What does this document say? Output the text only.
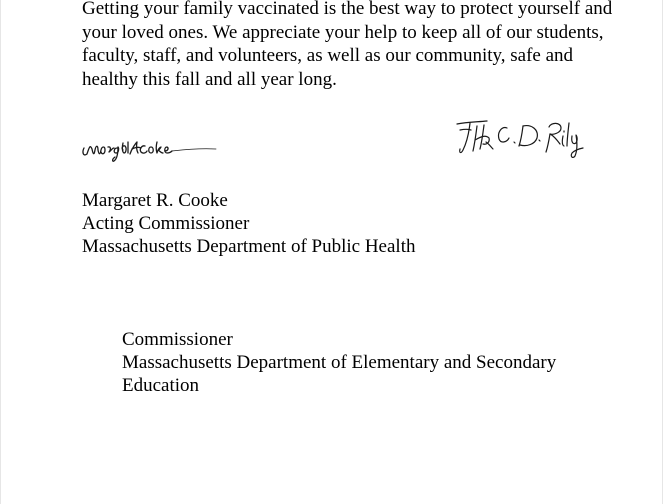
Getting your family vaccinated is the best way to protect yourself and your loved ones. We appreciate your help to keep all of our students, faculty, staff, and volunteers, as well as our community, safe and healthy this fall and all year long.

Margaret R. Cooke
Acting Commissioner
Massachusetts Department of Public Health
Commissioner
Massachusetts Department of Elementary and Secondary
Education
